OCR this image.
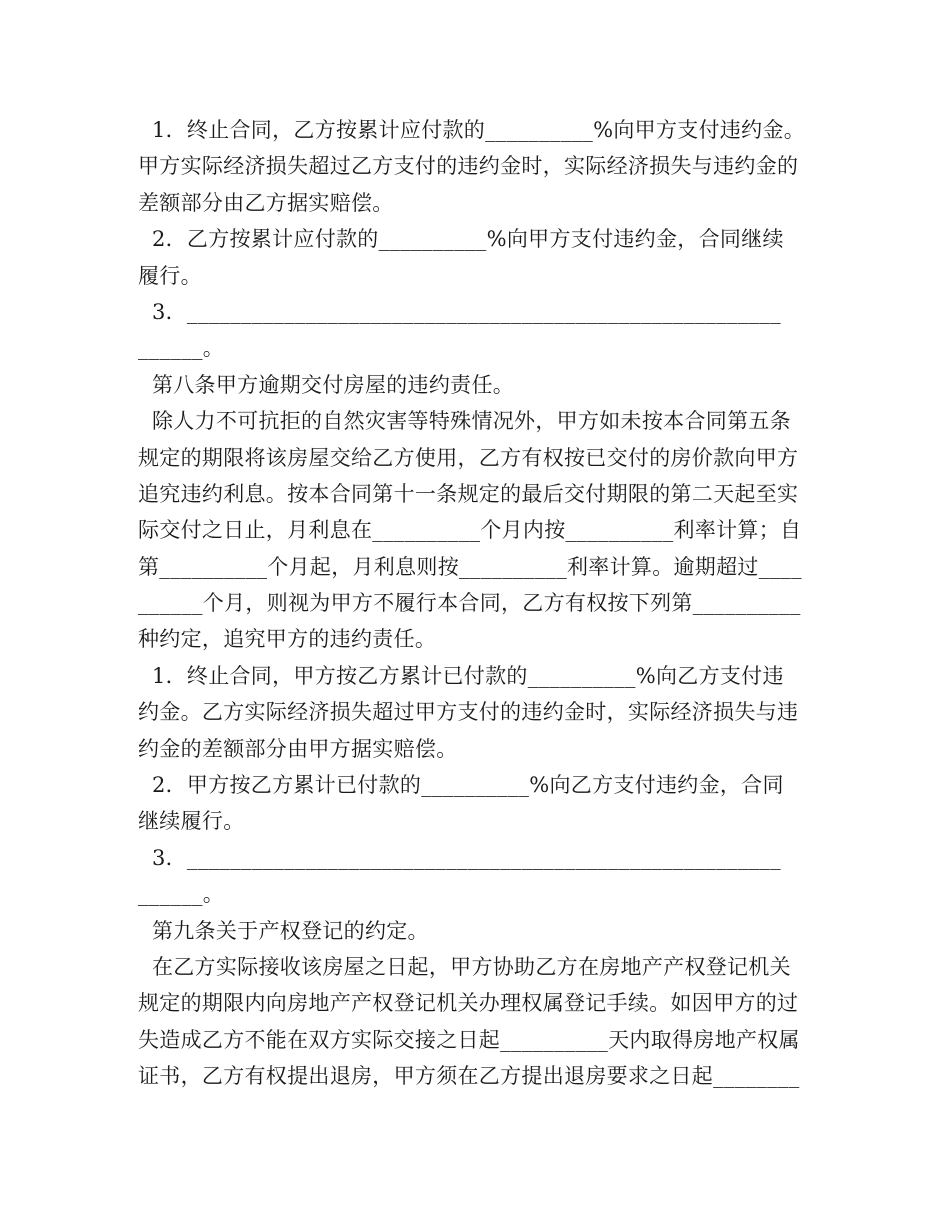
1．终止合同，乙方按累计应付款的__________%向甲方支付违约金。
甲方实际经济损失超过乙方支付的违约金时，实际经济损失与违约金的
差额部分由乙方据实赔偿。
2．乙方按累计应付款的__________%向甲方支付违约金，合同继续
履行。
3．_______________________________________________________
______。
第八条甲方逾期交付房屋的违约责任。
除人力不可抗拒的自然灾害等特殊情况外，甲方如未按本合同第五条
规定的期限将该房屋交给乙方使用，乙方有权按已交付的房价款向甲方
追究违约利息。按本合同第十一条规定的最后交付期限的第二天起至实
际交付之日止，月利息在__________个月内按__________利率计算；自
第__________个月起，月利息则按__________利率计算。逾期超过____
______个月，则视为甲方不履行本合同，乙方有权按下列第__________
种约定，追究甲方的违约责任。
1．终止合同，甲方按乙方累计已付款的__________%向乙方支付违
约金。乙方实际经济损失超过甲方支付的违约金时，实际经济损失与违
约金的差额部分由甲方据实赔偿。
2．甲方按乙方累计已付款的__________%向乙方支付违约金，合同
继续履行。
3．_______________________________________________________
______。
第九条关于产权登记的约定。
在乙方实际接收该房屋之日起，甲方协助乙方在房地产产权登记机关
规定的期限内向房地产产权登记机关办理权属登记手续。如因甲方的过
失造成乙方不能在双方实际交接之日起__________天内取得房地产权属
证书，乙方有权提出退房，甲方须在乙方提出退房要求之日起________
